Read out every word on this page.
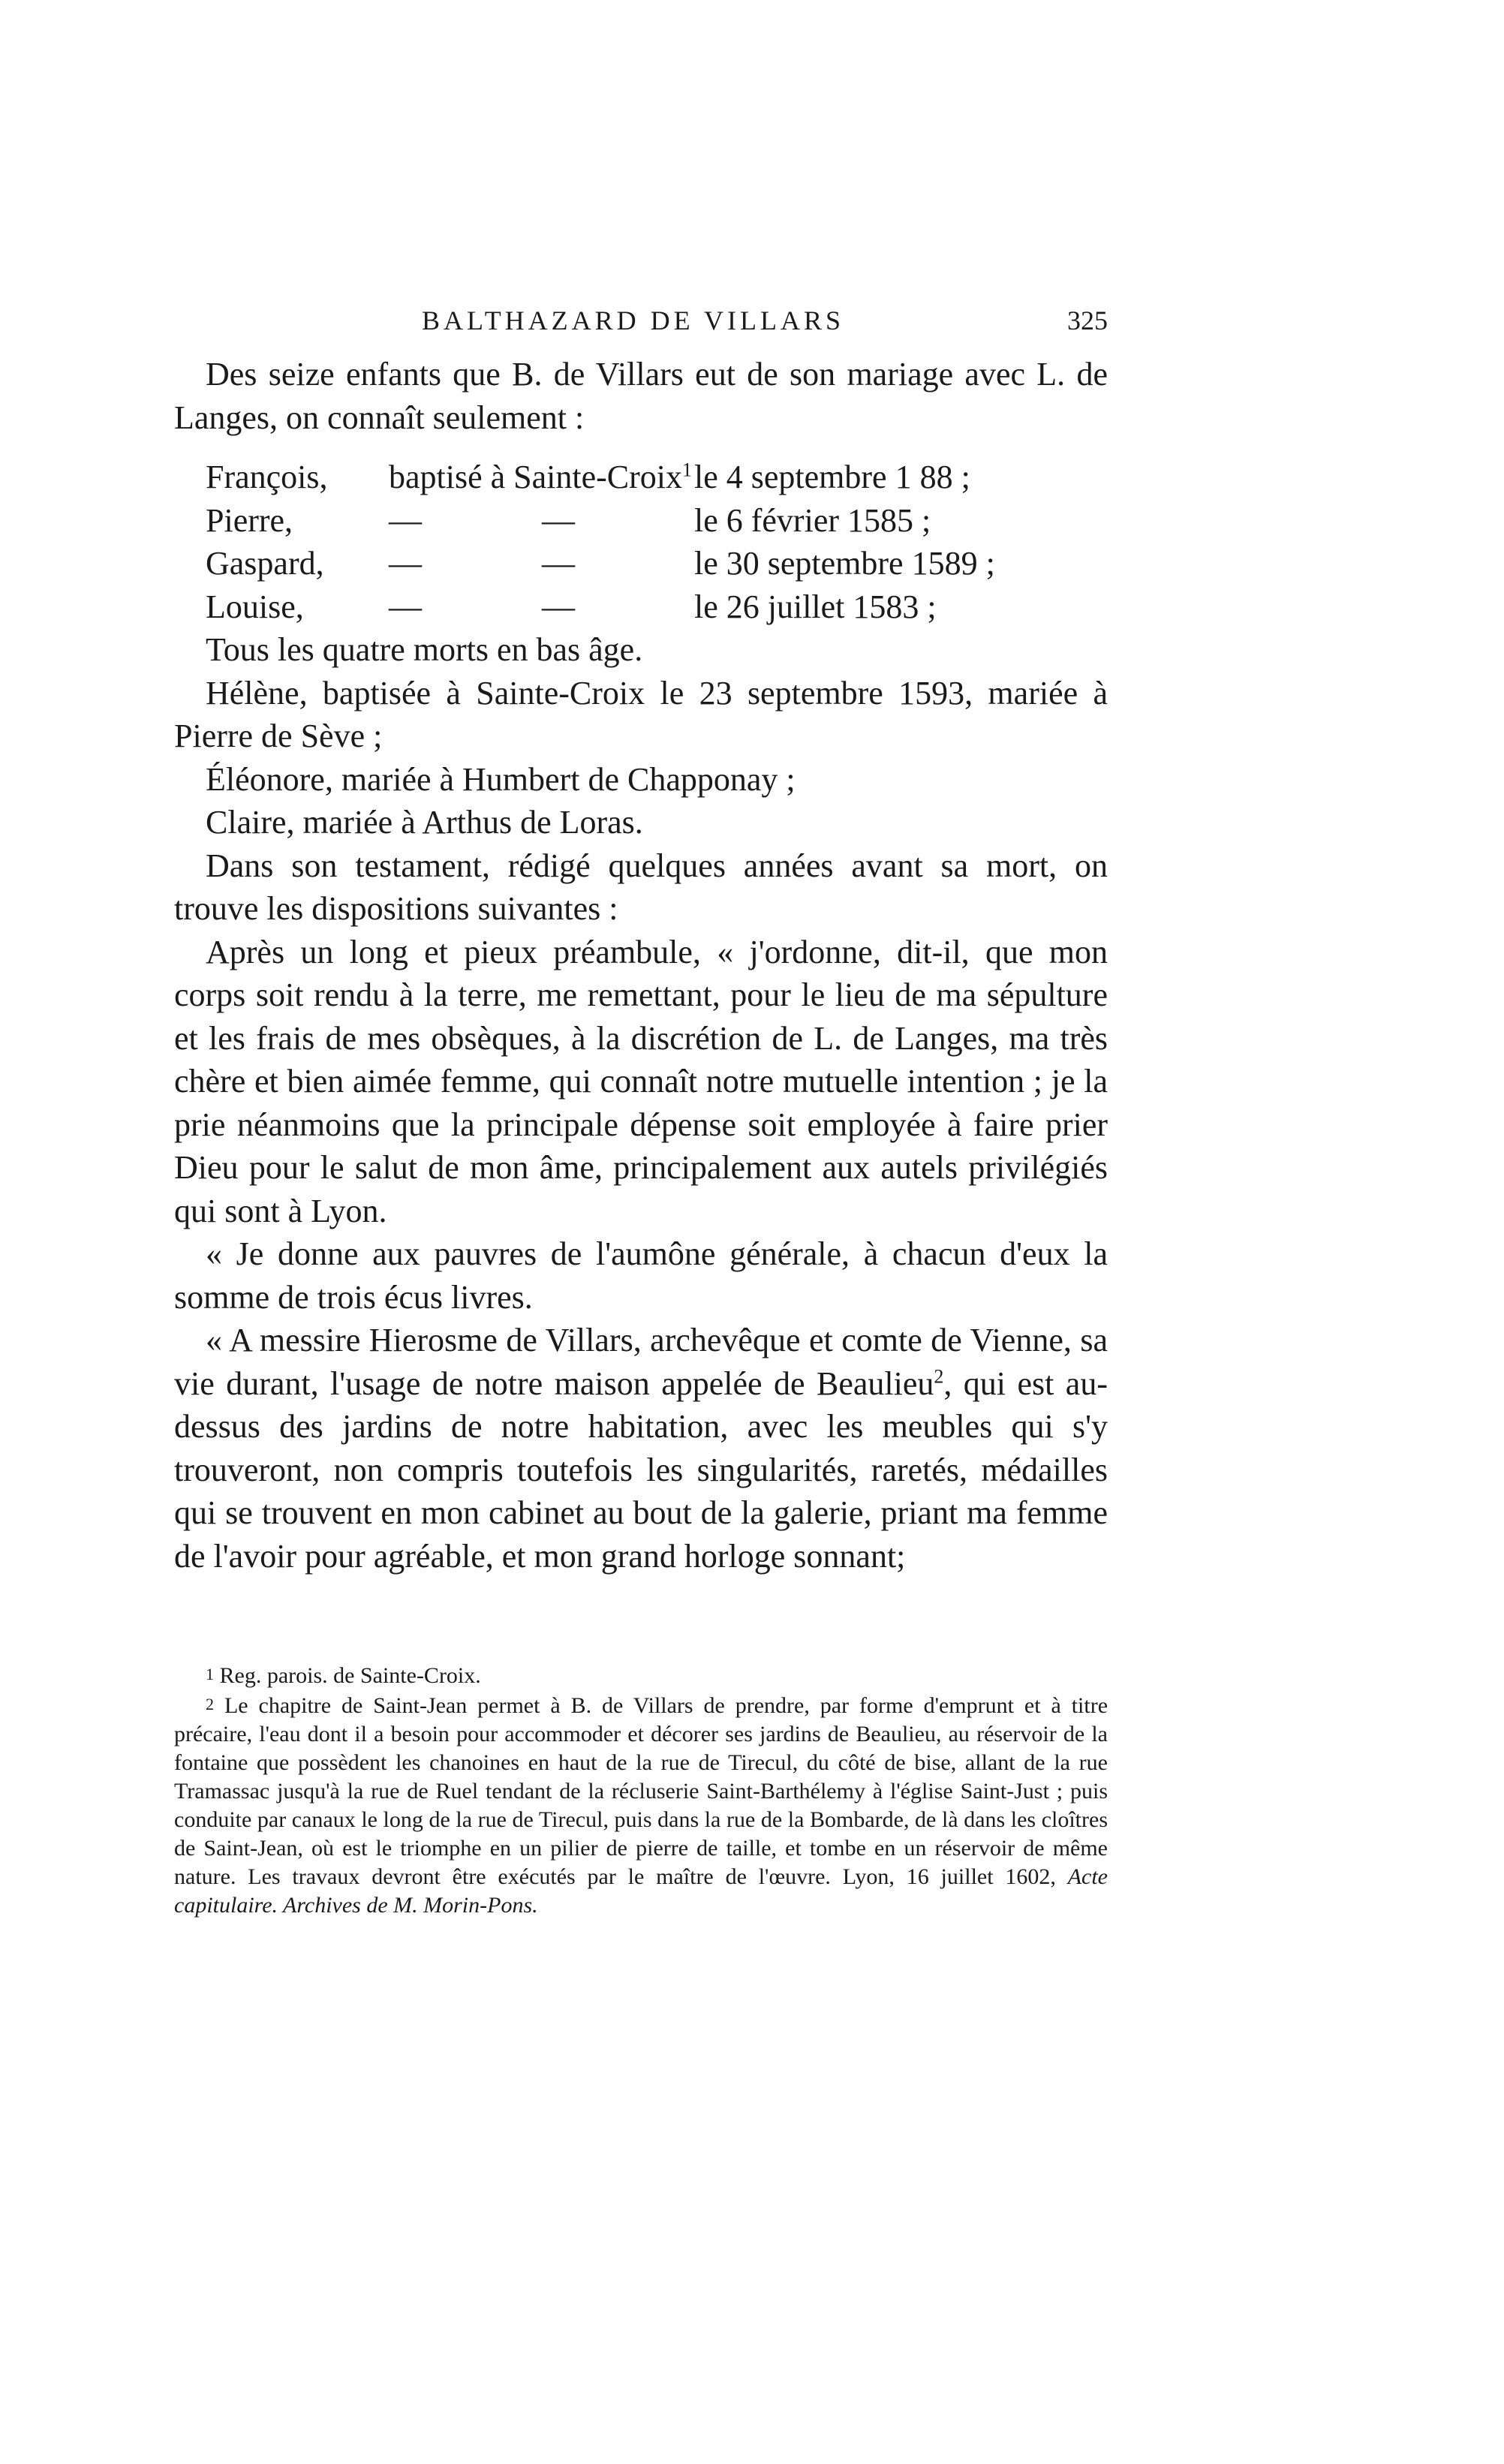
BALTHAZARD DE VILLARS	325

Des seize enfants que B. de Villars eut de son mariage avec L. de Langes, on connaît seulement :

François, baptisé à Sainte-Croix$^1$ le 4 septembre 1 88 ;
Pierre,	—	—	le 6 février 1585 ;
Gaspard, —	—	le 30 septembre 1589 ;
Louise,	—	—	le 26 juillet 1583 ;

Tous les quatre morts en bas âge.

Hélène, baptisée à Sainte-Croix le 23 septembre 1593, mariée à Pierre de Sève ;

Éléonore, mariée à Humbert de Chapponay ;

Claire, mariée à Arthus de Loras.

Dans son testament, rédigé quelques années avant sa mort, on trouve les dispositions suivantes :

Après un long et pieux préambule, « j'ordonne, dit-il, que mon corps soit rendu à la terre, me remettant, pour le lieu de ma sépulture et les frais de mes obsèques, à la discrétion de L. de Langes, ma très chère et bien aimée femme, qui connaît notre mutuelle intention ; je la prie néanmoins que la principale dépense soit employée à faire prier Dieu pour le salut de mon âme, principalement aux autels privilégiés qui sont à Lyon.

« Je donne aux pauvres de l'aumône générale, à chacun d'eux la somme de trois écus livres.

« A messire Hierosme de Villars, archevêque et comte de Vienne, sa vie durant, l'usage de notre maison appelée de Beaulieu$^2$, qui est au-dessus des jardins de notre habitation, avec les meubles qui s'y trouveront, non compris toutefois les singularités, raretés, médailles qui se trouvent en mon cabinet au bout de la galerie, priant ma femme de l'avoir pour agréable, et mon grand horloge sonnant;

1 Reg. parois. de Sainte-Croix.

2 Le chapitre de Saint-Jean permet à B. de Villars de prendre, par forme d'emprunt et à titre précaire, l'eau dont il a besoin pour accommoder et décorer ses jardins de Beaulieu, au réservoir de la fontaine que possèdent les chanoines en haut de la rue de Tirecul, du côté de bise, allant de la rue Tramassac jusqu'à la rue de Ruel tendant de la récluserie Saint-Barthélemy à l'église Saint-Just ; puis conduite par canaux le long de la rue de Tirecul, puis dans la rue de la Bombarde, de là dans les cloîtres de Saint-Jean, où est le triomphe en un pilier de pierre de taille, et tombe en un réservoir de même nature. Les travaux devront être exécutés par le maître de l'œuvre. Lyon, 16 juillet 1602, Acte capitulaire. Archives de M. Morin-Pons.
